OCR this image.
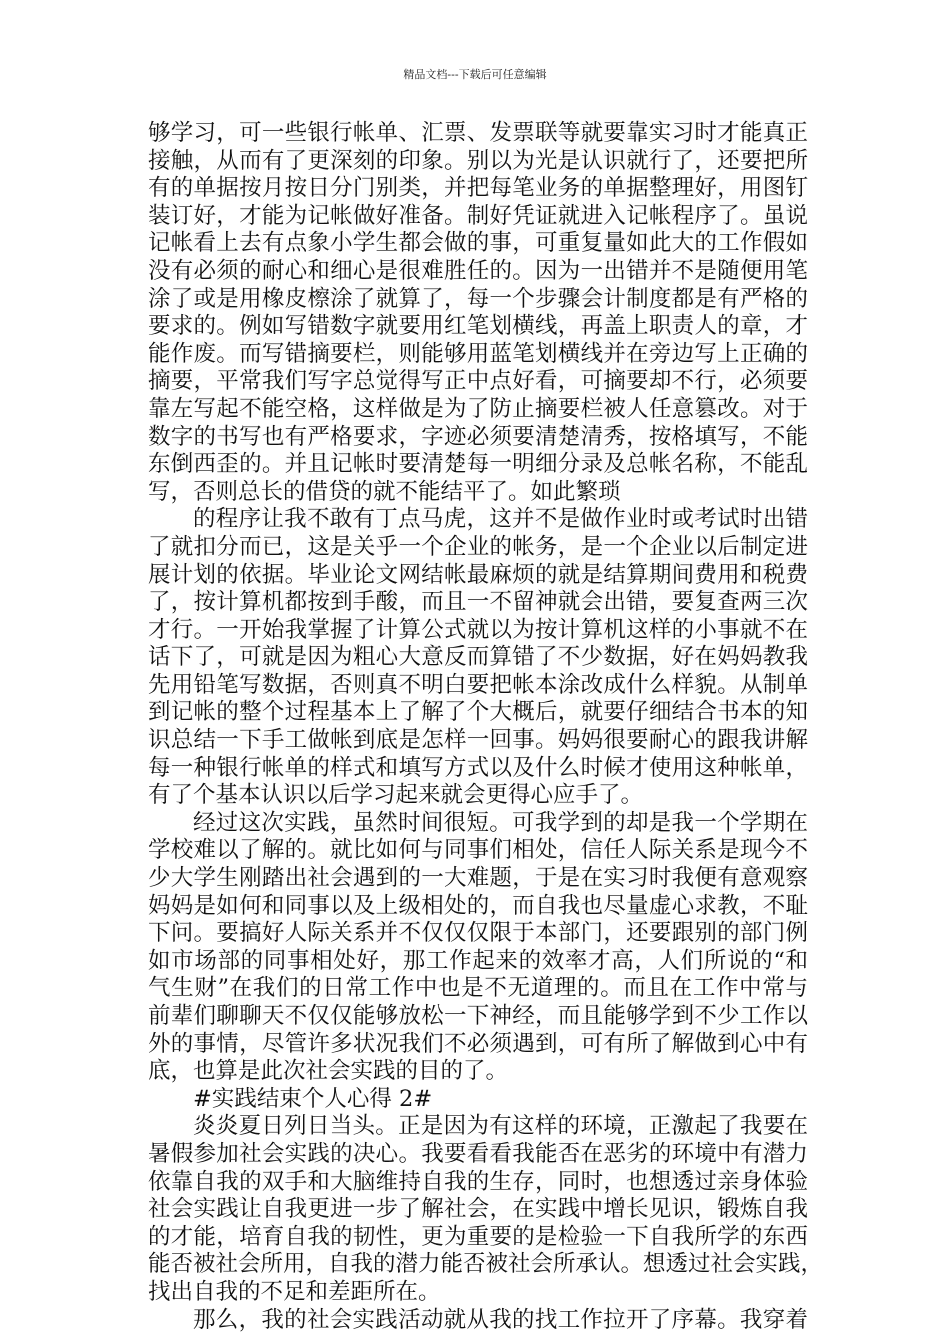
精品文档---下载后可任意编辑
够学习，可一些银行帐单、汇票、发票联等就要靠实习时才能真正
接触，从而有了更深刻的印象。别以为光是认识就行了，还要把所
有的单据按月按日分门别类，并把每笔业务的单据整理好，用图钉
装订好，才能为记帐做好准备。制好凭证就进入记帐程序了。虽说
记帐看上去有点象小学生都会做的事，可重复量如此大的工作假如
没有必须的耐心和细心是很难胜任的。因为一出错并不是随便用笔
涂了或是用橡皮檫涂了就算了，每一个步骤会计制度都是有严格的
要求的。例如写错数字就要用红笔划横线，再盖上职责人的章，才
能作废。而写错摘要栏，则能够用蓝笔划横线并在旁边写上正确的
摘要，平常我们写字总觉得写正中点好看，可摘要却不行，必须要
靠左写起不能空格，这样做是为了防止摘要栏被人任意篡改。对于
数字的书写也有严格要求，字迹必须要清楚清秀，按格填写，不能
东倒西歪的。并且记帐时要清楚每一明细分录及总帐名称，不能乱
写，否则总长的借贷的就不能结平了。如此繁琐
的程序让我不敢有丁点马虎，这并不是做作业时或考试时出错
了就扣分而已，这是关乎一个企业的帐务，是一个企业以后制定进
展计划的依据。毕业论文网结帐最麻烦的就是结算期间费用和税费
了，按计算机都按到手酸，而且一不留神就会出错，要复查两三次
才行。一开始我掌握了计算公式就以为按计算机这样的小事就不在
话下了，可就是因为粗心大意反而算错了不少数据，好在妈妈教我
先用铅笔写数据，否则真不明白要把帐本涂改成什么样貌。从制单
到记帐的整个过程基本上了解了个大概后，就要仔细结合书本的知
识总结一下手工做帐到底是怎样一回事。妈妈很要耐心的跟我讲解
每一种银行帐单的样式和填写方式以及什么时候才使用这种帐单，
有了个基本认识以后学习起来就会更得心应手了。
经过这次实践，虽然时间很短。可我学到的却是我一个学期在
学校难以了解的。就比如何与同事们相处，信任人际关系是现今不
少大学生刚踏出社会遇到的一大难题，于是在实习时我便有意观察
妈妈是如何和同事以及上级相处的，而自我也尽量虚心求教，不耻
下问。要搞好人际关系并不仅仅仅限于本部门，还要跟别的部门例
如市场部的同事相处好，那工作起来的效率才高，人们所说的“和
气生财”在我们的日常工作中也是不无道理的。而且在工作中常与
前辈们聊聊天不仅仅能够放松一下神经，而且能够学到不少工作以
外的事情，尽管许多状况我们不必须遇到，可有所了解做到心中有
底，也算是此次社会实践的目的了。
#实践结束个人心得 2#
炎炎夏日列日当头。正是因为有这样的环境，正激起了我要在
暑假参加社会实践的决心。我要看看我能否在恶劣的环境中有潜力
依靠自我的双手和大脑维持自我的生存，同时，也想透过亲身体验
社会实践让自我更进一步了解社会，在实践中增长见识，锻炼自我
的才能，培育自我的韧性，更为重要的是检验一下自我所学的东西
能否被社会所用，自我的潜力能否被社会所承认。想透过社会实践，
找出自我的不足和差距所在。
那么，我的社会实践活动就从我的找工作拉开了序幕。我穿着
